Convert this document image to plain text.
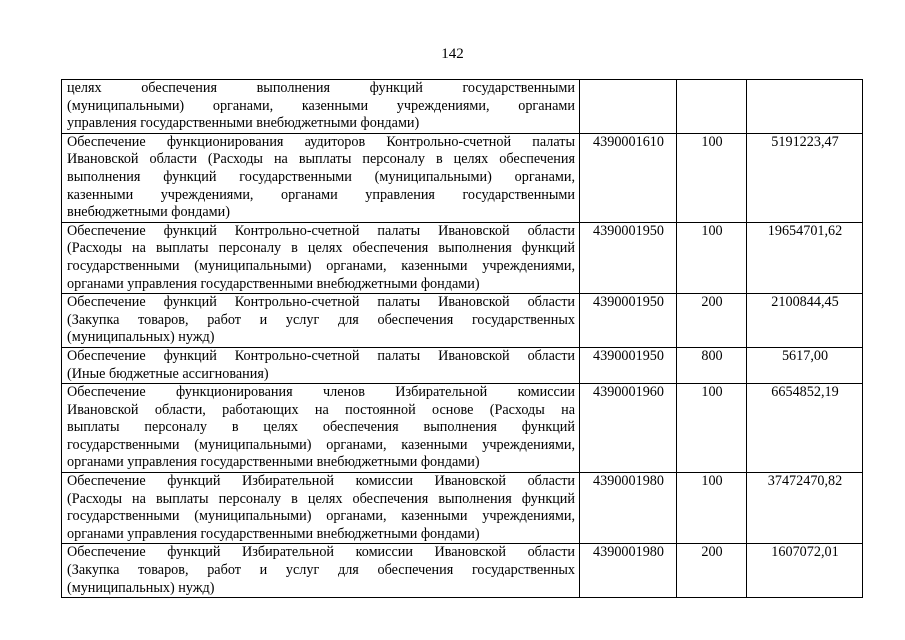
142
целях обеспечения выполнения функций государственными
(муниципальными) органами, казенными учреждениями, органами
управления государственными внебюджетными фондами)			

Обеспечение функционирования аудиторов Контрольно-счетной палаты
Ивановской области (Расходы на выплаты персоналу в целях обеспечения
выполнения функций государственными (муниципальными) органами,
казенными учреждениями, органами управления государственными
внебюджетными фондами)	4390001610	100	5191223,47

Обеспечение функций Контрольно-счетной палаты Ивановской области
(Расходы на выплаты персоналу в целях обеспечения выполнения функций
государственными (муниципальными) органами, казенными учреждениями,
органами управления государственными внебюджетными фондами)	4390001950	100	19654701,62

Обеспечение функций Контрольно-счетной палаты Ивановской области
(Закупка товаров, работ и услуг для обеспечения государственных
(муниципальных) нужд)	4390001950	200	2100844,45

Обеспечение функций Контрольно-счетной палаты Ивановской области
(Иные бюджетные ассигнования)	4390001950	800	5617,00

Обеспечение функционирования членов Избирательной комиссии
Ивановской области, работающих на постоянной основе (Расходы на
выплаты персоналу в целях обеспечения выполнения функций
государственными (муниципальными) органами, казенными учреждениями,
органами управления государственными внебюджетными фондами)	4390001960	100	6654852,19

Обеспечение функций Избирательной комиссии Ивановской области
(Расходы на выплаты персоналу в целях обеспечения выполнения функций
государственными (муниципальными) органами, казенными учреждениями,
органами управления государственными внебюджетными фондами)	4390001980	100	37472470,82

Обеспечение функций Избирательной комиссии Ивановской области
(Закупка товаров, работ и услуг для обеспечения государственных
(муниципальных) нужд)	4390001980	200	1607072,01
